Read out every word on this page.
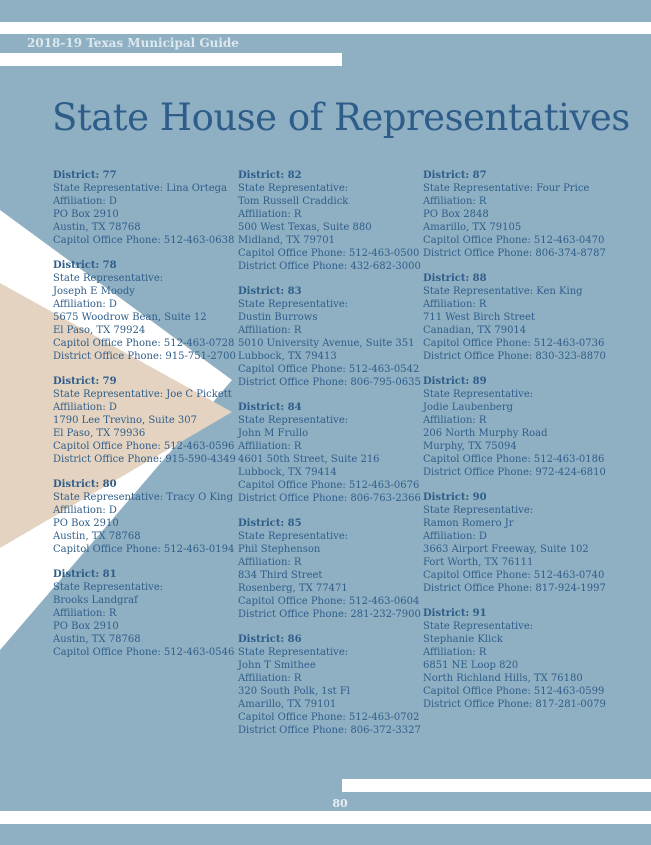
2018-19 Texas Municipal Guide
State House of Representatives
District: 77
State Representative: Lina Ortega
Affiliation: D
PO Box 2910
Austin, TX 78768
Capitol Office Phone: 512-463-0638
District: 78
State Representative:
Joseph E Moody
Affiliation: D
5675 Woodrow Bean, Suite 12
El Paso, TX 79924
Capitol Office Phone: 512-463-0728
District Office Phone: 915-751-2700
District: 79
State Representative: Joe C Pickett
Affiliation: D
1790 Lee Trevino, Suite 307
El Paso, TX 79936
Capitol Office Phone: 512-463-0596
District Office Phone: 915-590-4349
District: 80
State Representative: Tracy O King
Affiliation: D
PO Box 2910
Austin, TX 78768
Capitol Office Phone: 512-463-0194
District: 81
State Representative:
Brooks Landgraf
Affiliation: R
PO Box 2910
Austin, TX 78768
Capitol Office Phone: 512-463-0546
District: 82
State Representative:
Tom Russell Craddick
Affiliation: R
500 West Texas, Suite 880
Midland, TX 79701
Capitol Office Phone: 512-463-0500
District Office Phone: 432-682-3000
District: 83
State Representative:
Dustin Burrows
Affiliation: R
5010 University Avenue, Suite 351
Lubbock, TX 79413
Capitol Office Phone: 512-463-0542
District Office Phone: 806-795-0635
District: 84
State Representative:
John M Frullo
Affiliation: R
4601 50th Street, Suite 216
Lubbock, TX 79414
Capitol Office Phone: 512-463-0676
District Office Phone: 806-763-2366
District: 85
State Representative:
Phil Stephenson
Affiliation: R
834 Third Street
Rosenberg, TX 77471
Capitol Office Phone: 512-463-0604
District Office Phone: 281-232-7900
District: 86
State Representative:
John T Smithee
Affiliation: R
320 South Polk, 1st Fl
Amarillo, TX 79101
Capitol Office Phone: 512-463-0702
District Office Phone: 806-372-3327
District: 87
State Representative: Four Price
Affiliation: R
PO Box 2848
Amarillo, TX 79105
Capitol Office Phone: 512-463-0470
District Office Phone: 806-374-8787
District: 88
State Representative: Ken King
Affiliation: R
711 West Birch Street
Canadian, TX 79014
Capitol Office Phone: 512-463-0736
District Office Phone: 830-323-8870
District: 89
State Representative:
Jodie Laubenberg
Affiliation: R
206 North Murphy Road
Murphy, TX 75094
Capitol Office Phone: 512-463-0186
District Office Phone: 972-424-6810
District: 90
State Representative:
Ramon Romero Jr
Affiliation: D
3663 Airport Freeway, Suite 102
Fort Worth, TX 76111
Capitol Office Phone: 512-463-0740
District Office Phone: 817-924-1997
District: 91
State Representative:
Stephanie Klick
Affiliation: R
6851 NE Loop 820
North Richland Hills, TX 76180
Capitol Office Phone: 512-463-0599
District Office Phone: 817-281-0079
80
